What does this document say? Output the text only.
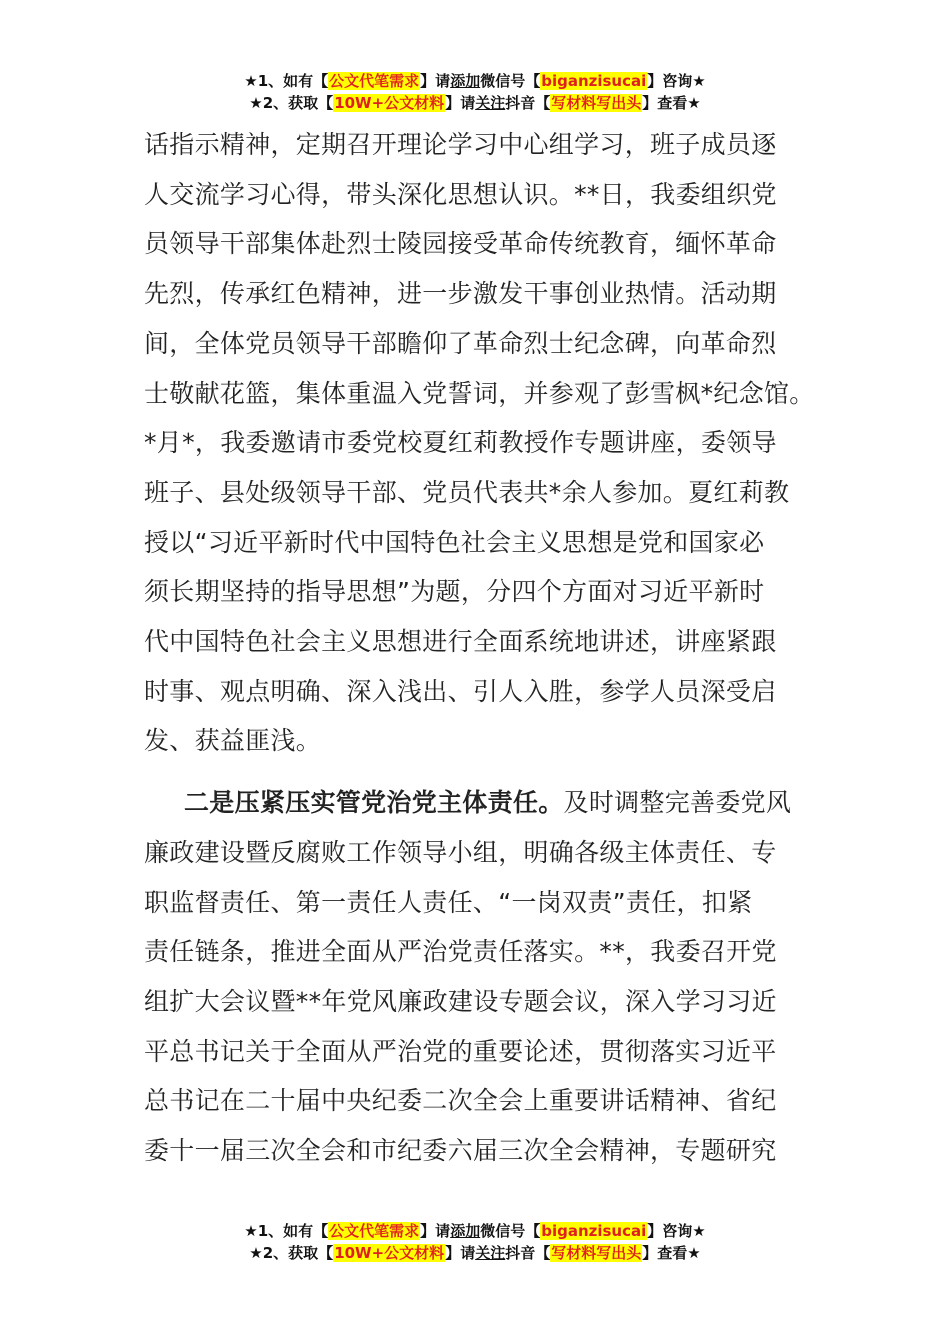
★1、如有【公文代笔需求】请添加微信号【biganzisucai】咨询★
★2、获取【10W+公文材料】请关注抖音【写材料写出头】查看★

话指示精神，定期召开理论学习中心组学习，班子成员逐

人交流学习心得，带头深化思想认识。**日，我委组织党

员领导干部集体赴烈士陵园接受革命传统教育，缅怀革命

先烈，传承红色精神，进一步激发干事创业热情。活动期

间，全体党员领导干部瞻仰了革命烈士纪念碑，向革命烈

士敬献花篮，集体重温入党誓词，并参观了彭雪枫*纪念馆。

*月*，我委邀请市委党校夏红莉教授作专题讲座，委领导

班子、县处级领导干部、党员代表共*余人参加。夏红莉教

授以“习近平新时代中国特色社会主义思想是党和国家必

须长期坚持的指导思想”为题，分四个方面对习近平新时

代中国特色社会主义思想进行全面系统地讲述，讲座紧跟

时事、观点明确、深入浅出、引人入胜，参学人员深受启

发、获益匪浅。

二是压紧压实管党治党主体责任。及时调整完善委党风

廉政建设暨反腐败工作领导小组，明确各级主体责任、专

职监督责任、第一责任人责任、“一岗双责”责任，扣紧

责任链条，推进全面从严治党责任落实。**，我委召开党

组扩大会议暨**年党风廉政建设专题会议，深入学习习近

平总书记关于全面从严治党的重要论述，贯彻落实习近平

总书记在二十届中央纪委二次全会上重要讲话精神、省纪

委十一届三次全会和市纪委六届三次全会精神，专题研究

★1、如有【公文代笔需求】请添加微信号【biganzisucai】咨询★
★2、获取【10W+公文材料】请关注抖音【写材料写出头】查看★
